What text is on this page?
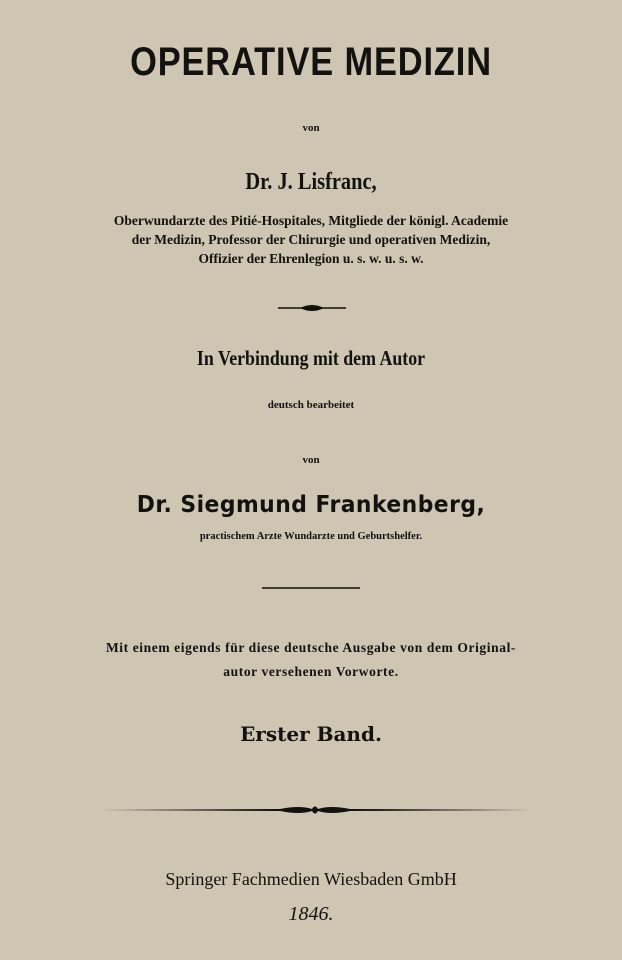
OPERATIVE MEDIZIN
von
Dr. J. Lisfranc,
Oberwundarzte des Pitié-Hospitales, Mitgliede der königl. Academie
der Medizin, Professor der Chirurgie und operativen Medizin,
Offizier der Ehrenlegion u. s. w. u. s. w.
In Verbindung mit dem Autor
deutsch bearbeitet
von
Dr. Siegmund Frankenberg,
practischem Arzte Wundarzte und Geburtshelfer.
Mit einem eigends für diese deutsche Ausgabe von dem Original-
autor versehenen Vorworte.
Erster Band.
Springer Fachmedien Wiesbaden GmbH
1846.
